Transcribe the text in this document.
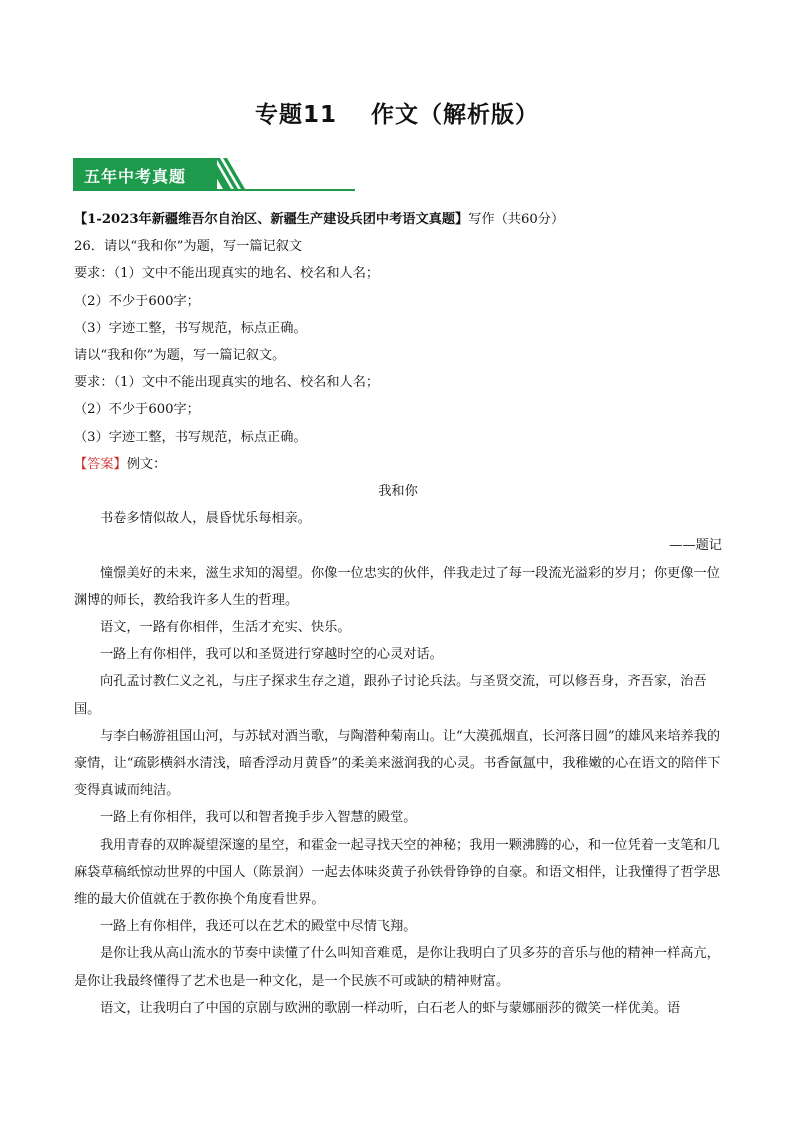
专题11 作文（解析版）
五年中考真题

【1-2023年新疆维吾尔自治区、新疆生产建设兵团中考语文真题】写作（共60分）

26．请以“我和你”为题，写一篇记叙文

要求：（1）文中不能出现真实的地名、校名和人名；

（2）不少于600字；

（3）字迹工整，书写规范，标点正确。

请以“我和你”为题，写一篇记叙文。

要求：（1）文中不能出现真实的地名、校名和人名；

（2）不少于600字；

（3）字迹工整，书写规范，标点正确。

【答案】例文：

我和你

书卷多情似故人，晨昏忧乐每相亲。

——题记

憧憬美好的未来，滋生求知的渴望。你像一位忠实的伙伴，伴我走过了每一段流光溢彩的岁月；你更像一位渊博的师长，教给我许多人生的哲理。

语文，一路有你相伴，生活才充实、快乐。

一路上有你相伴，我可以和圣贤进行穿越时空的心灵对话。

向孔孟讨教仁义之礼，与庄子探求生存之道，跟孙子讨论兵法。与圣贤交流，可以修吾身，齐吾家，治吾国。

与李白畅游祖国山河，与苏轼对酒当歌，与陶潜种菊南山。让“大漠孤烟直，长河落日圆”的雄风来培养我的豪情，让“疏影横斜水清浅，暗香浮动月黄昏”的柔美来滋润我的心灵。书香氤氲中，我稚嫩的心在语文的陪伴下变得真诚而纯洁。

一路上有你相伴，我可以和智者挽手步入智慧的殿堂。

我用青春的双眸凝望深邃的星空，和霍金一起寻找天空的神秘；我用一颗沸腾的心，和一位凭着一支笔和几麻袋草稿纸惊动世界的中国人（陈景润）一起去体味炎黄子孙铁骨铮铮的自豪。和语文相伴，让我懂得了哲学思维的最大价值就在于教你换个角度看世界。

一路上有你相伴，我还可以在艺术的殿堂中尽情飞翔。

是你让我从高山流水的节奏中读懂了什么叫知音难觅，是你让我明白了贝多芬的音乐与他的精神一样高亢，是你让我最终懂得了艺术也是一种文化，是一个民族不可或缺的精神财富。

语文，让我明白了中国的京剧与欧洲的歌剧一样动听，白石老人的虾与蒙娜丽莎的微笑一样优美。语
